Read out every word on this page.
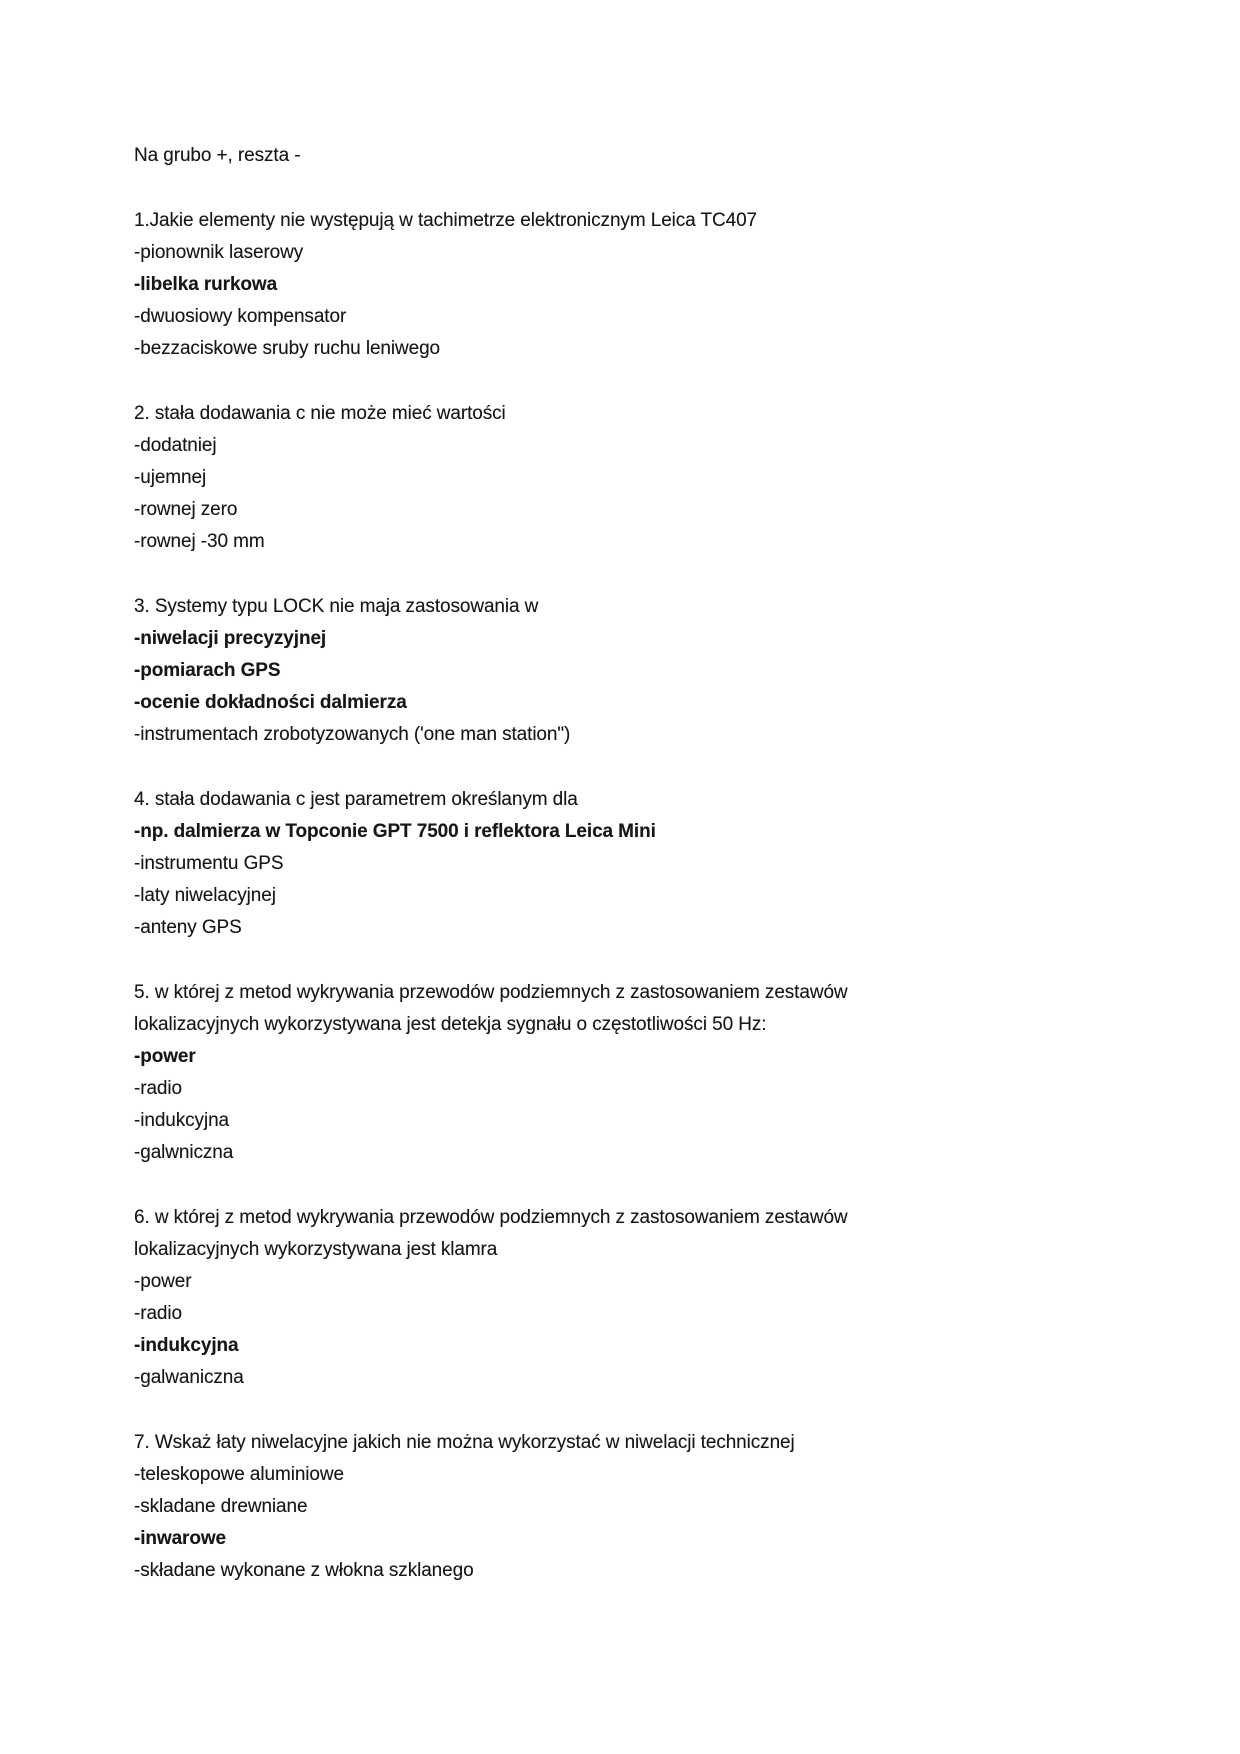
Na grubo +, reszta -
1.Jakie elementy nie występują w tachimetrze elektronicznym Leica TC407
-pionownik laserowy
-libelka rurkowa
-dwuosiowy kompensator
-bezzaciskowe sruby ruchu leniwego
2. stała dodawania c nie może mieć wartości
-dodatniej
-ujemnej
-rownej zero
-rownej -30 mm
3. Systemy typu LOCK nie maja zastosowania w
-niwelacji precyzyjnej
-pomiarach GPS
-ocenie dokładności dalmierza
-instrumentach zrobotyzowanych ('one man station")
4. stała dodawania c jest parametrem określanym dla
-np. dalmierza w Topconie GPT 7500 i reflektora Leica Mini
-instrumentu GPS
-laty niwelacyjnej
-anteny GPS
5. w której z metod wykrywania przewodów podziemnych z zastosowaniem zestawów
lokalizacyjnych wykorzystywana jest detekja sygnału o częstotliwości 50 Hz:
-power
-radio
-indukcyjna
-galwniczna
6. w której z metod wykrywania przewodów podziemnych z zastosowaniem zestawów
lokalizacyjnych wykorzystywana jest klamra
-power
-radio
-indukcyjna
-galwaniczna
7. Wskaż łaty niwelacyjne jakich nie można wykorzystać w niwelacji technicznej
-teleskopowe aluminiowe
-skladane drewniane
-inwarowe
-składane wykonane z włokna szklanego
